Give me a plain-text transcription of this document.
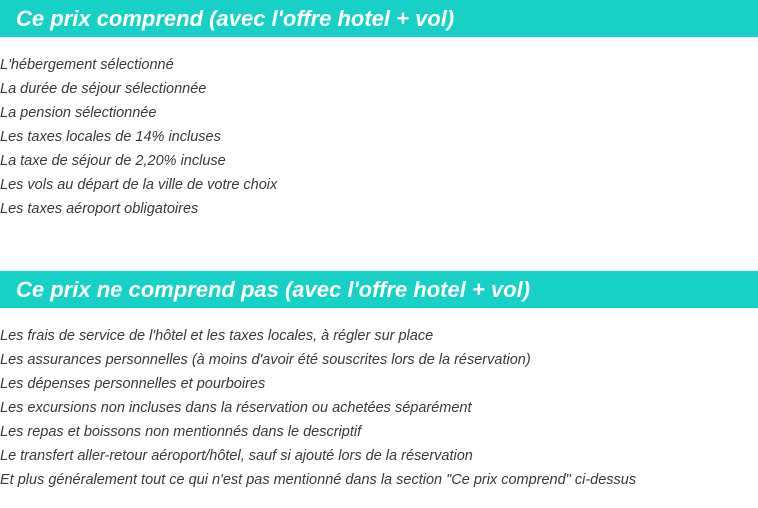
Ce prix comprend (avec l'offre hotel + vol)
L'hébergement sélectionné
La durée de séjour sélectionnée
La pension sélectionnée
Les taxes locales de 14% incluses
La taxe de séjour de 2,20% incluse
Les vols au départ de la ville de votre choix
Les taxes aéroport obligatoires
Ce prix ne comprend pas (avec l'offre hotel + vol)
Les frais de service de l'hôtel et les taxes locales, à régler sur place
Les assurances personnelles (à moins d'avoir été souscrites lors de la réservation)
Les dépenses personnelles et pourboires
Les excursions non incluses dans la réservation ou achetées séparément
Les repas et boissons non mentionnés dans le descriptif
Le transfert aller-retour aéroport/hôtel, sauf si ajouté lors de la réservation
Et plus généralement tout ce qui n'est pas mentionné dans la section "Ce prix comprend" ci-dessus
